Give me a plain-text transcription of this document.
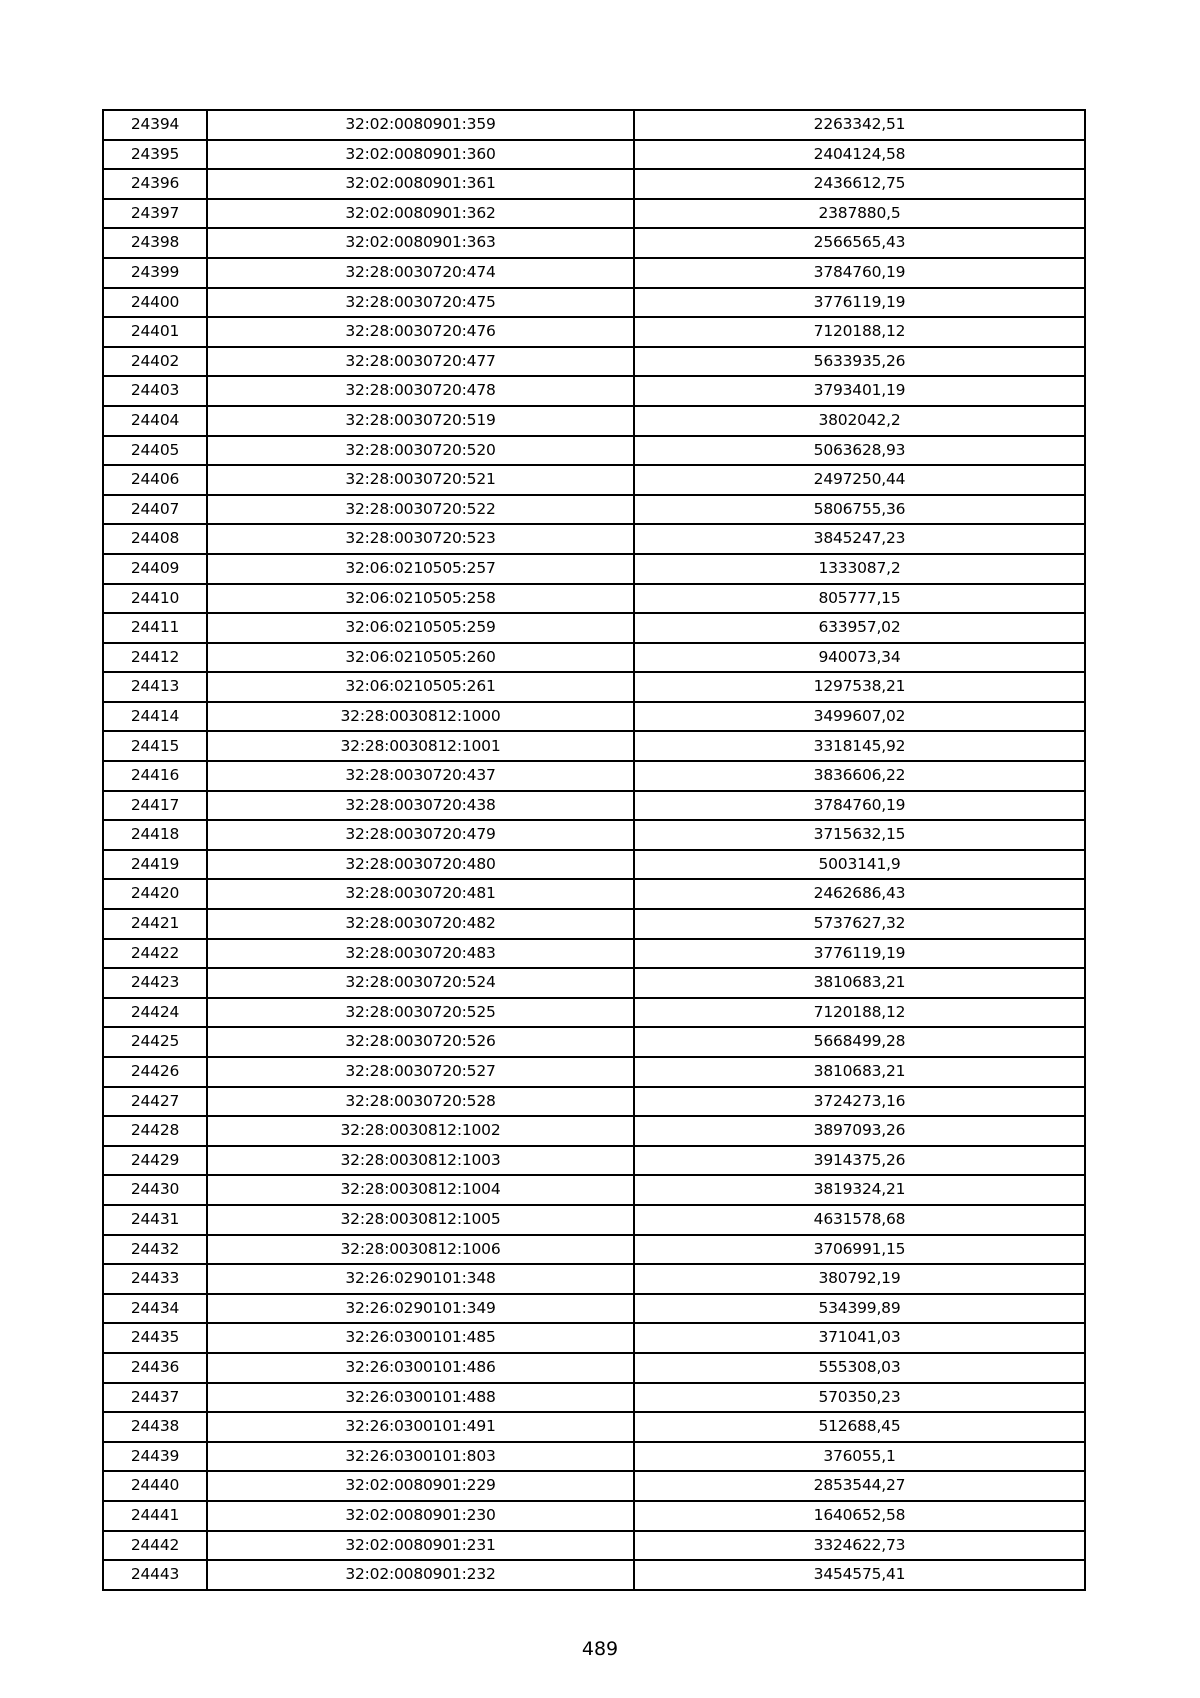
24394	32:02:0080901:359	2263342,51
24395	32:02:0080901:360	2404124,58
24396	32:02:0080901:361	2436612,75
24397	32:02:0080901:362	2387880,5
24398	32:02:0080901:363	2566565,43
24399	32:28:0030720:474	3784760,19
24400	32:28:0030720:475	3776119,19
24401	32:28:0030720:476	7120188,12
24402	32:28:0030720:477	5633935,26
24403	32:28:0030720:478	3793401,19
24404	32:28:0030720:519	3802042,2
24405	32:28:0030720:520	5063628,93
24406	32:28:0030720:521	2497250,44
24407	32:28:0030720:522	5806755,36
24408	32:28:0030720:523	3845247,23
24409	32:06:0210505:257	1333087,2
24410	32:06:0210505:258	805777,15
24411	32:06:0210505:259	633957,02
24412	32:06:0210505:260	940073,34
24413	32:06:0210505:261	1297538,21
24414	32:28:0030812:1000	3499607,02
24415	32:28:0030812:1001	3318145,92
24416	32:28:0030720:437	3836606,22
24417	32:28:0030720:438	3784760,19
24418	32:28:0030720:479	3715632,15
24419	32:28:0030720:480	5003141,9
24420	32:28:0030720:481	2462686,43
24421	32:28:0030720:482	5737627,32
24422	32:28:0030720:483	3776119,19
24423	32:28:0030720:524	3810683,21
24424	32:28:0030720:525	7120188,12
24425	32:28:0030720:526	5668499,28
24426	32:28:0030720:527	3810683,21
24427	32:28:0030720:528	3724273,16
24428	32:28:0030812:1002	3897093,26
24429	32:28:0030812:1003	3914375,26
24430	32:28:0030812:1004	3819324,21
24431	32:28:0030812:1005	4631578,68
24432	32:28:0030812:1006	3706991,15
24433	32:26:0290101:348	380792,19
24434	32:26:0290101:349	534399,89
24435	32:26:0300101:485	371041,03
24436	32:26:0300101:486	555308,03
24437	32:26:0300101:488	570350,23
24438	32:26:0300101:491	512688,45
24439	32:26:0300101:803	376055,1
24440	32:02:0080901:229	2853544,27
24441	32:02:0080901:230	1640652,58
24442	32:02:0080901:231	3324622,73
24443	32:02:0080901:232	3454575,41
489
